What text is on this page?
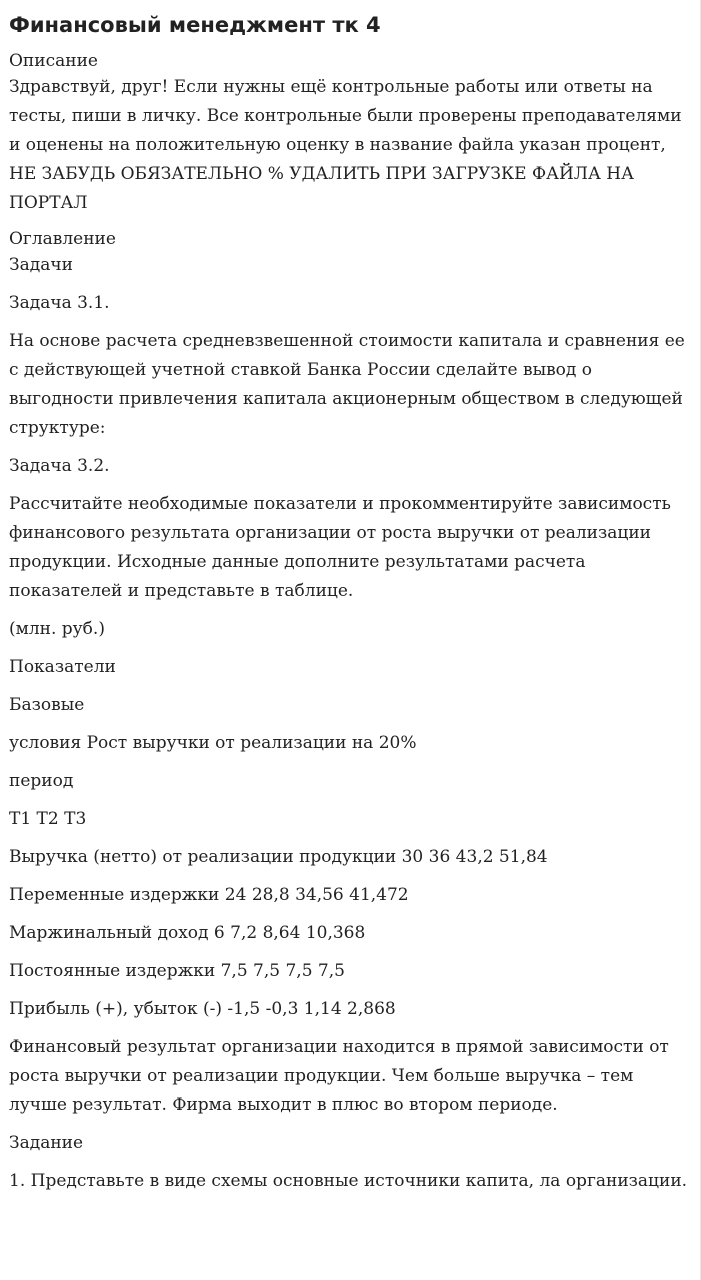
Финансовый менеджмент тк 4

Описание

Здравствуй, друг! Если нужны ещё контрольные работы или ответы на тесты, пиши в личку. Все контрольные были проверены преподавателями и оценены на положительную оценку в название файла указан процент, НЕ ЗАБУДЬ ОБЯЗАТЕЛЬНО % УДАЛИТЬ ПРИ ЗАГРУЗКЕ ФАЙЛА НА ПОРТАЛ

Оглавление

Задачи

Задача 3.1.

На основе расчета средневзвешенной стоимости капитала и сравнения ее с действующей учетной ставкой Банка России сделайте вывод о выгодности привлечения капитала акционерным обществом в следующей структуре:

Задача 3.2.

Рассчитайте необходимые показатели и прокомментируйте зависимость финансового результата организации от роста выручки от реализации продукции. Исходные данные дополните результатами расчета показателей и представьте в таблице.

(млн. руб.)

Показатели

Базовые

условия Рост выручки от реализации на 20%

период

Т1 Т2 Т3

Выручка (нетто) от реализации продукции 30 36 43,2 51,84

Переменные издержки 24 28,8 34,56 41,472

Маржинальный доход 6 7,2 8,64 10,368

Постоянные издержки 7,5 7,5 7,5 7,5

Прибыль (+), убыток (-) -1,5 -0,3 1,14 2,868

Финансовый результат организации находится в прямой зависимости от роста выручки от реализации продукции. Чем больше выручка – тем лучше результат. Фирма выходит в плюс во втором периоде.

Задание

1. Представьте в виде схемы основные источники капита, ла организации.
